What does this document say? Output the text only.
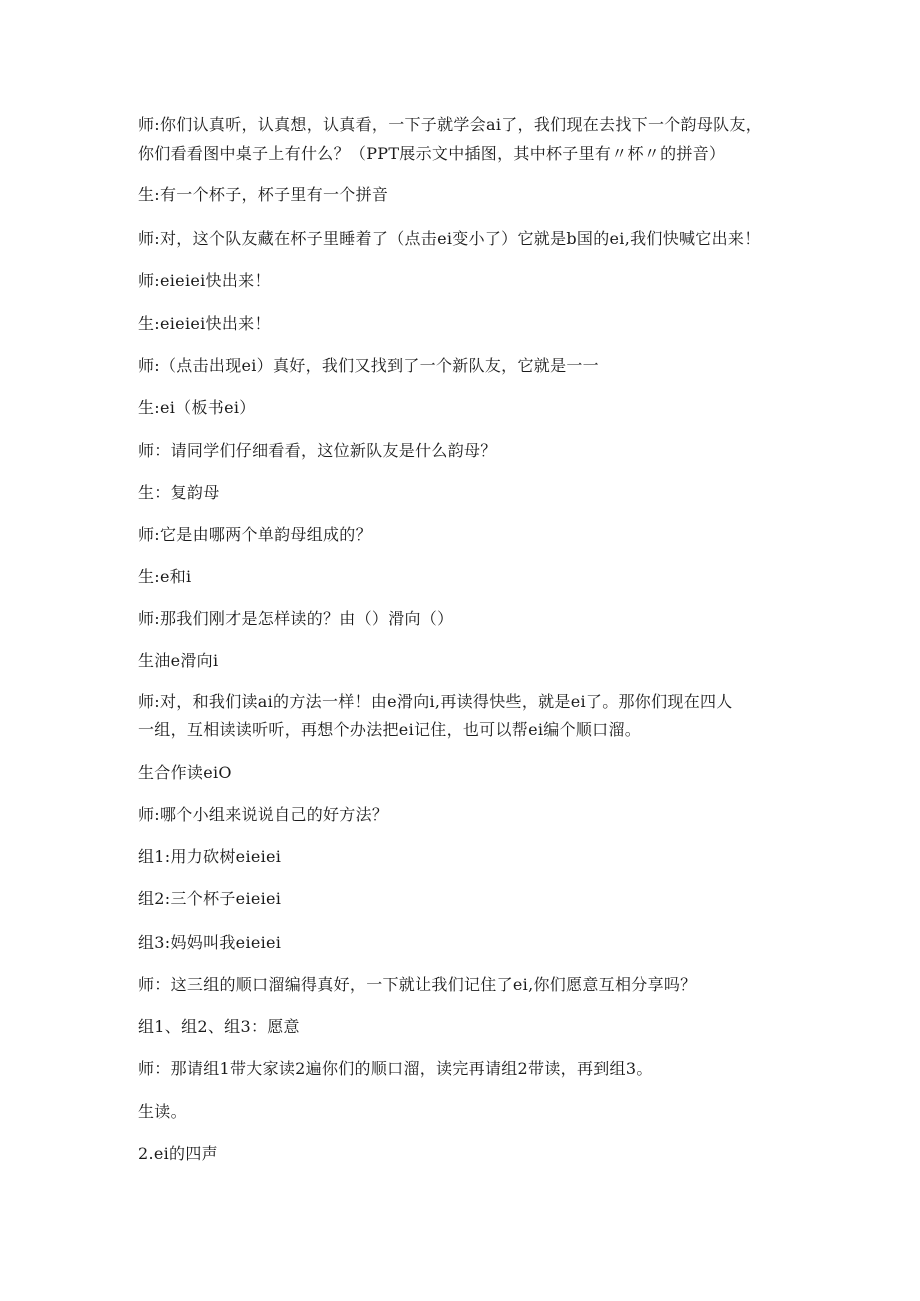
师:你们认真听，认真想，认真看，一下子就学会ai了，我们现在去找下一个韵母队友，

你们看看图中桌子上有什么？（PPT展示文中插图，其中杯子里有〃杯〃的拼音）

生:有一个杯子，杯子里有一个拼音

师:对，这个队友藏在杯子里睡着了（点击ei变小了）它就是b国的ei,我们快喊它出来！

师:eieiei快出来！

生:eieiei快出来！

师:（点击出现ei）真好，我们又找到了一个新队友，它就是一一

生:ei（板书ei）

师：请同学们仔细看看，这位新队友是什么韵母？

生：复韵母

师:它是由哪两个单韵母组成的？

生:e和i

师:那我们刚才是怎样读的？由（）滑向（）

生油e滑向i

师:对，和我们读ai的方法一样！由e滑向i,再读得快些，就是ei了。那你们现在四人

一组，互相读读听听，再想个办法把ei记住，也可以帮ei编个顺口溜。

生合作读eiO

师:哪个小组来说说自己的好方法？

组1:用力砍树eieiei

组2:三个杯子eieiei

组3:妈妈叫我eieiei

师：这三组的顺口溜编得真好，一下就让我们记住了ei,你们愿意互相分享吗？

组1、组2、组3：愿意

师：那请组1带大家读2遍你们的顺口溜，读完再请组2带读，再到组3。

生读。

2.ei的四声
